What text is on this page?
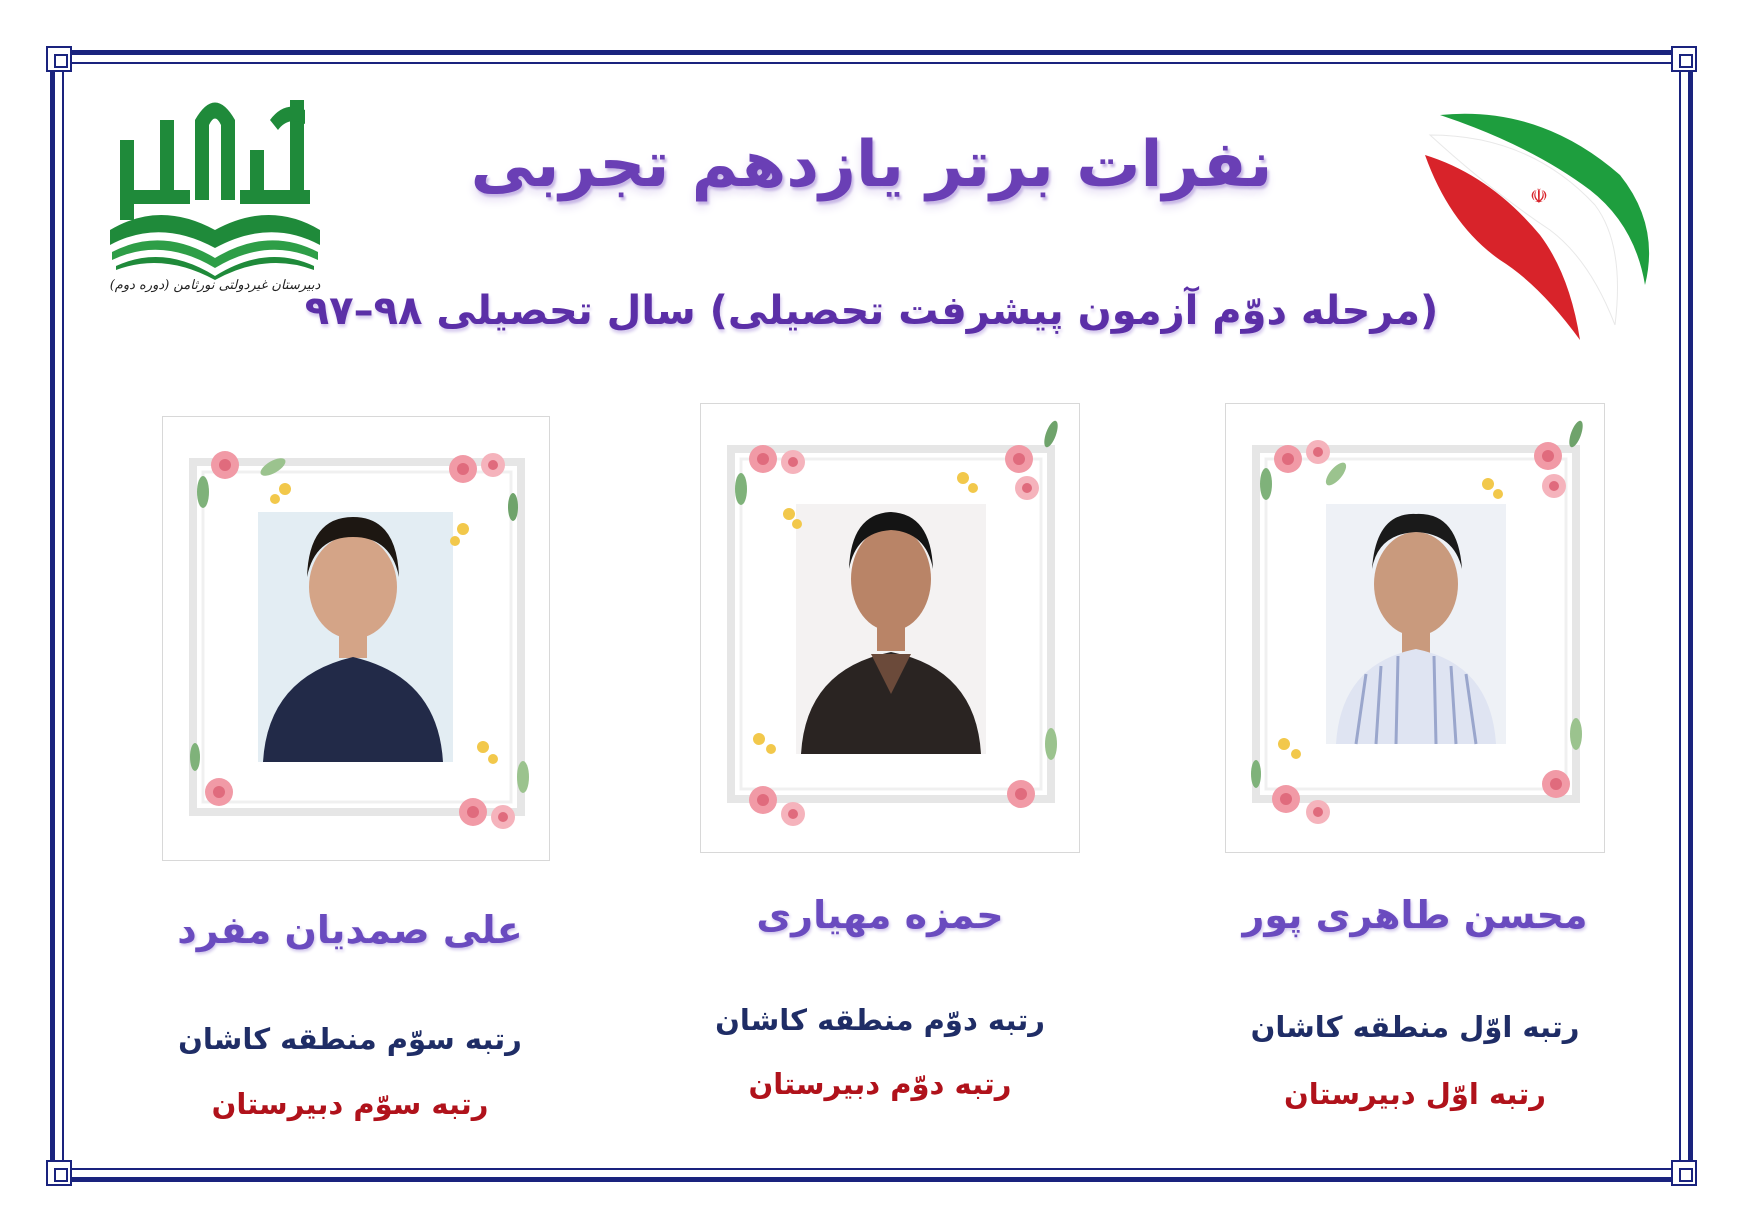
دبیرستان غیردولتی نورثامن (دوره دوم)
☫
نفرات برتر یازدهم تجربی
(مرحله دوّم آزمون پیشرفت تحصیلی) سال تحصیلی ۹۸–۹۷
محسن طاهری پور
رتبه اوّل منطقه کاشان
رتبه اوّل دبیرستان
حمزه مهیاری
رتبه دوّم منطقه کاشان
رتبه دوّم دبیرستان
علی صمدیان مفرد
رتبه سوّم منطقه کاشان
رتبه سوّم دبیرستان
